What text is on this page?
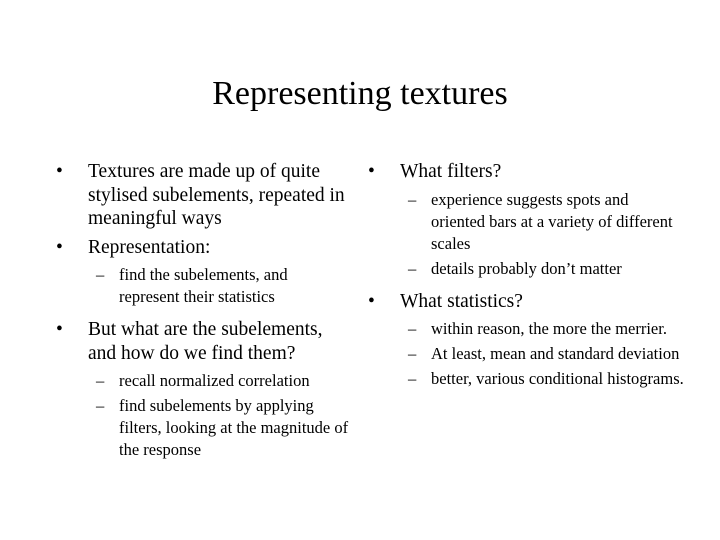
Representing textures
• Textures are made up of quite stylised subelements, repeated in meaningful ways
• Representation:
– find the subelements, and represent their statistics
• But what are the subelements, and how do we find them?
– recall normalized correlation
– find subelements by applying filters, looking at the magnitude of the response
• What filters?
– experience suggests spots and oriented bars at a variety of different scales
– details probably don’t matter
• What statistics?
– within reason, the more the merrier.
– At least, mean and standard deviation
– better, various conditional histograms.
